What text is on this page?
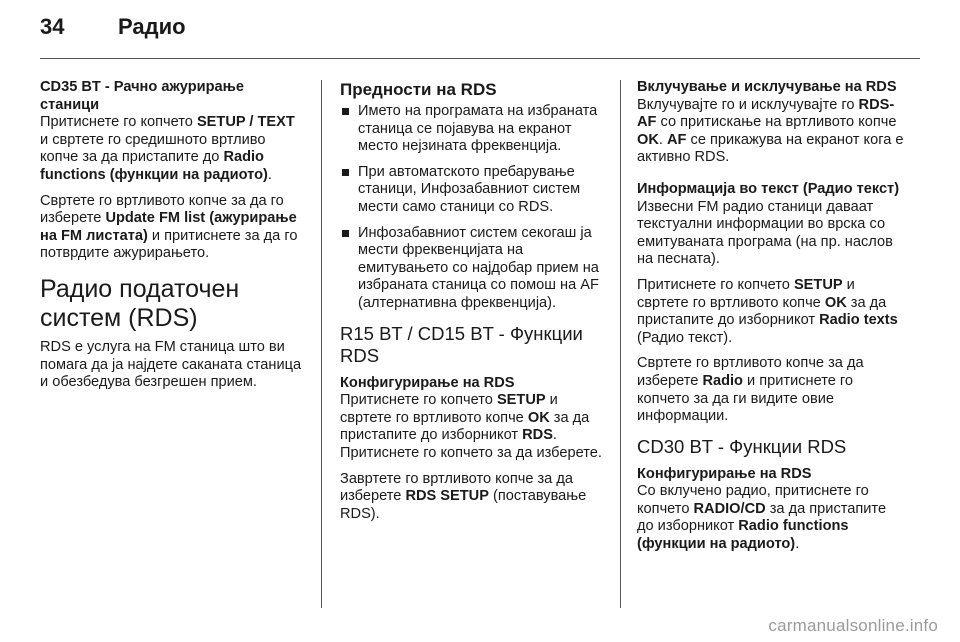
34 Радио
CD35 BT - Рачно ажурирање станици

Притиснете го копчето SETUP / TEXT и свртете го средишното вртливо копче за да пристапите до Radio functions (функции на радиото).

Свртете го вртливото копче за да го изберете Update FM list (ажурирање на FM листата) и притиснете за да го потврдите ажурирањето.

Радио податочен систем (RDS)

RDS е услуга на FM станица што ви помага да ја најдете саканата станица и обезбедува безгрешен прием.

Предности на RDS
Името на програмата на избраната станица се појавува на екранот место нејзината фреквенција.
При автоматското пребарување станици, Инфозабавниот систем мести само станици со RDS.
Инфозабавниот систем секогаш ја мести фреквенцијата на емитувањето со најдобар прием на избраната станица со помош на AF (алтернативна фреквенција).
R15 BT / CD15 BT - Функции RDS
Конфигурирање на RDS

Притиснете го копчето SETUP и свртете го вртливото копче OK за да пристапите до изборникот RDS. Притиснете го копчето за да изберете.

Завртете го вртливото копче за да изберете RDS SETUP (поставување RDS).

Вклучување и исклучување на RDS

Вклучувајте го и исклучувајте го RDS-AF со притискање на вртливото копче OK. AF се прикажува на екранот кога е активно RDS.

Информација во текст (Радио текст)

Извесни FM радио станици даваат текстуални информации во врска со емитуваната програма (на пр. наслов на песната).

Притиснете го копчето SETUP и свртете го вртливото копче OK за да пристапите до изборникот Radio texts (Радио текст).

Свртете го вртливото копче за да изберете Radio и притиснете го копчето за да ги видите овие информации.

CD30 BT - Функции RDS
Конфигурирање на RDS

Со вклучено радио, притиснете го копчето RADIO/CD за да пристапите до изборникот Radio functions (функции на радиото).

carmanualsonline.info
